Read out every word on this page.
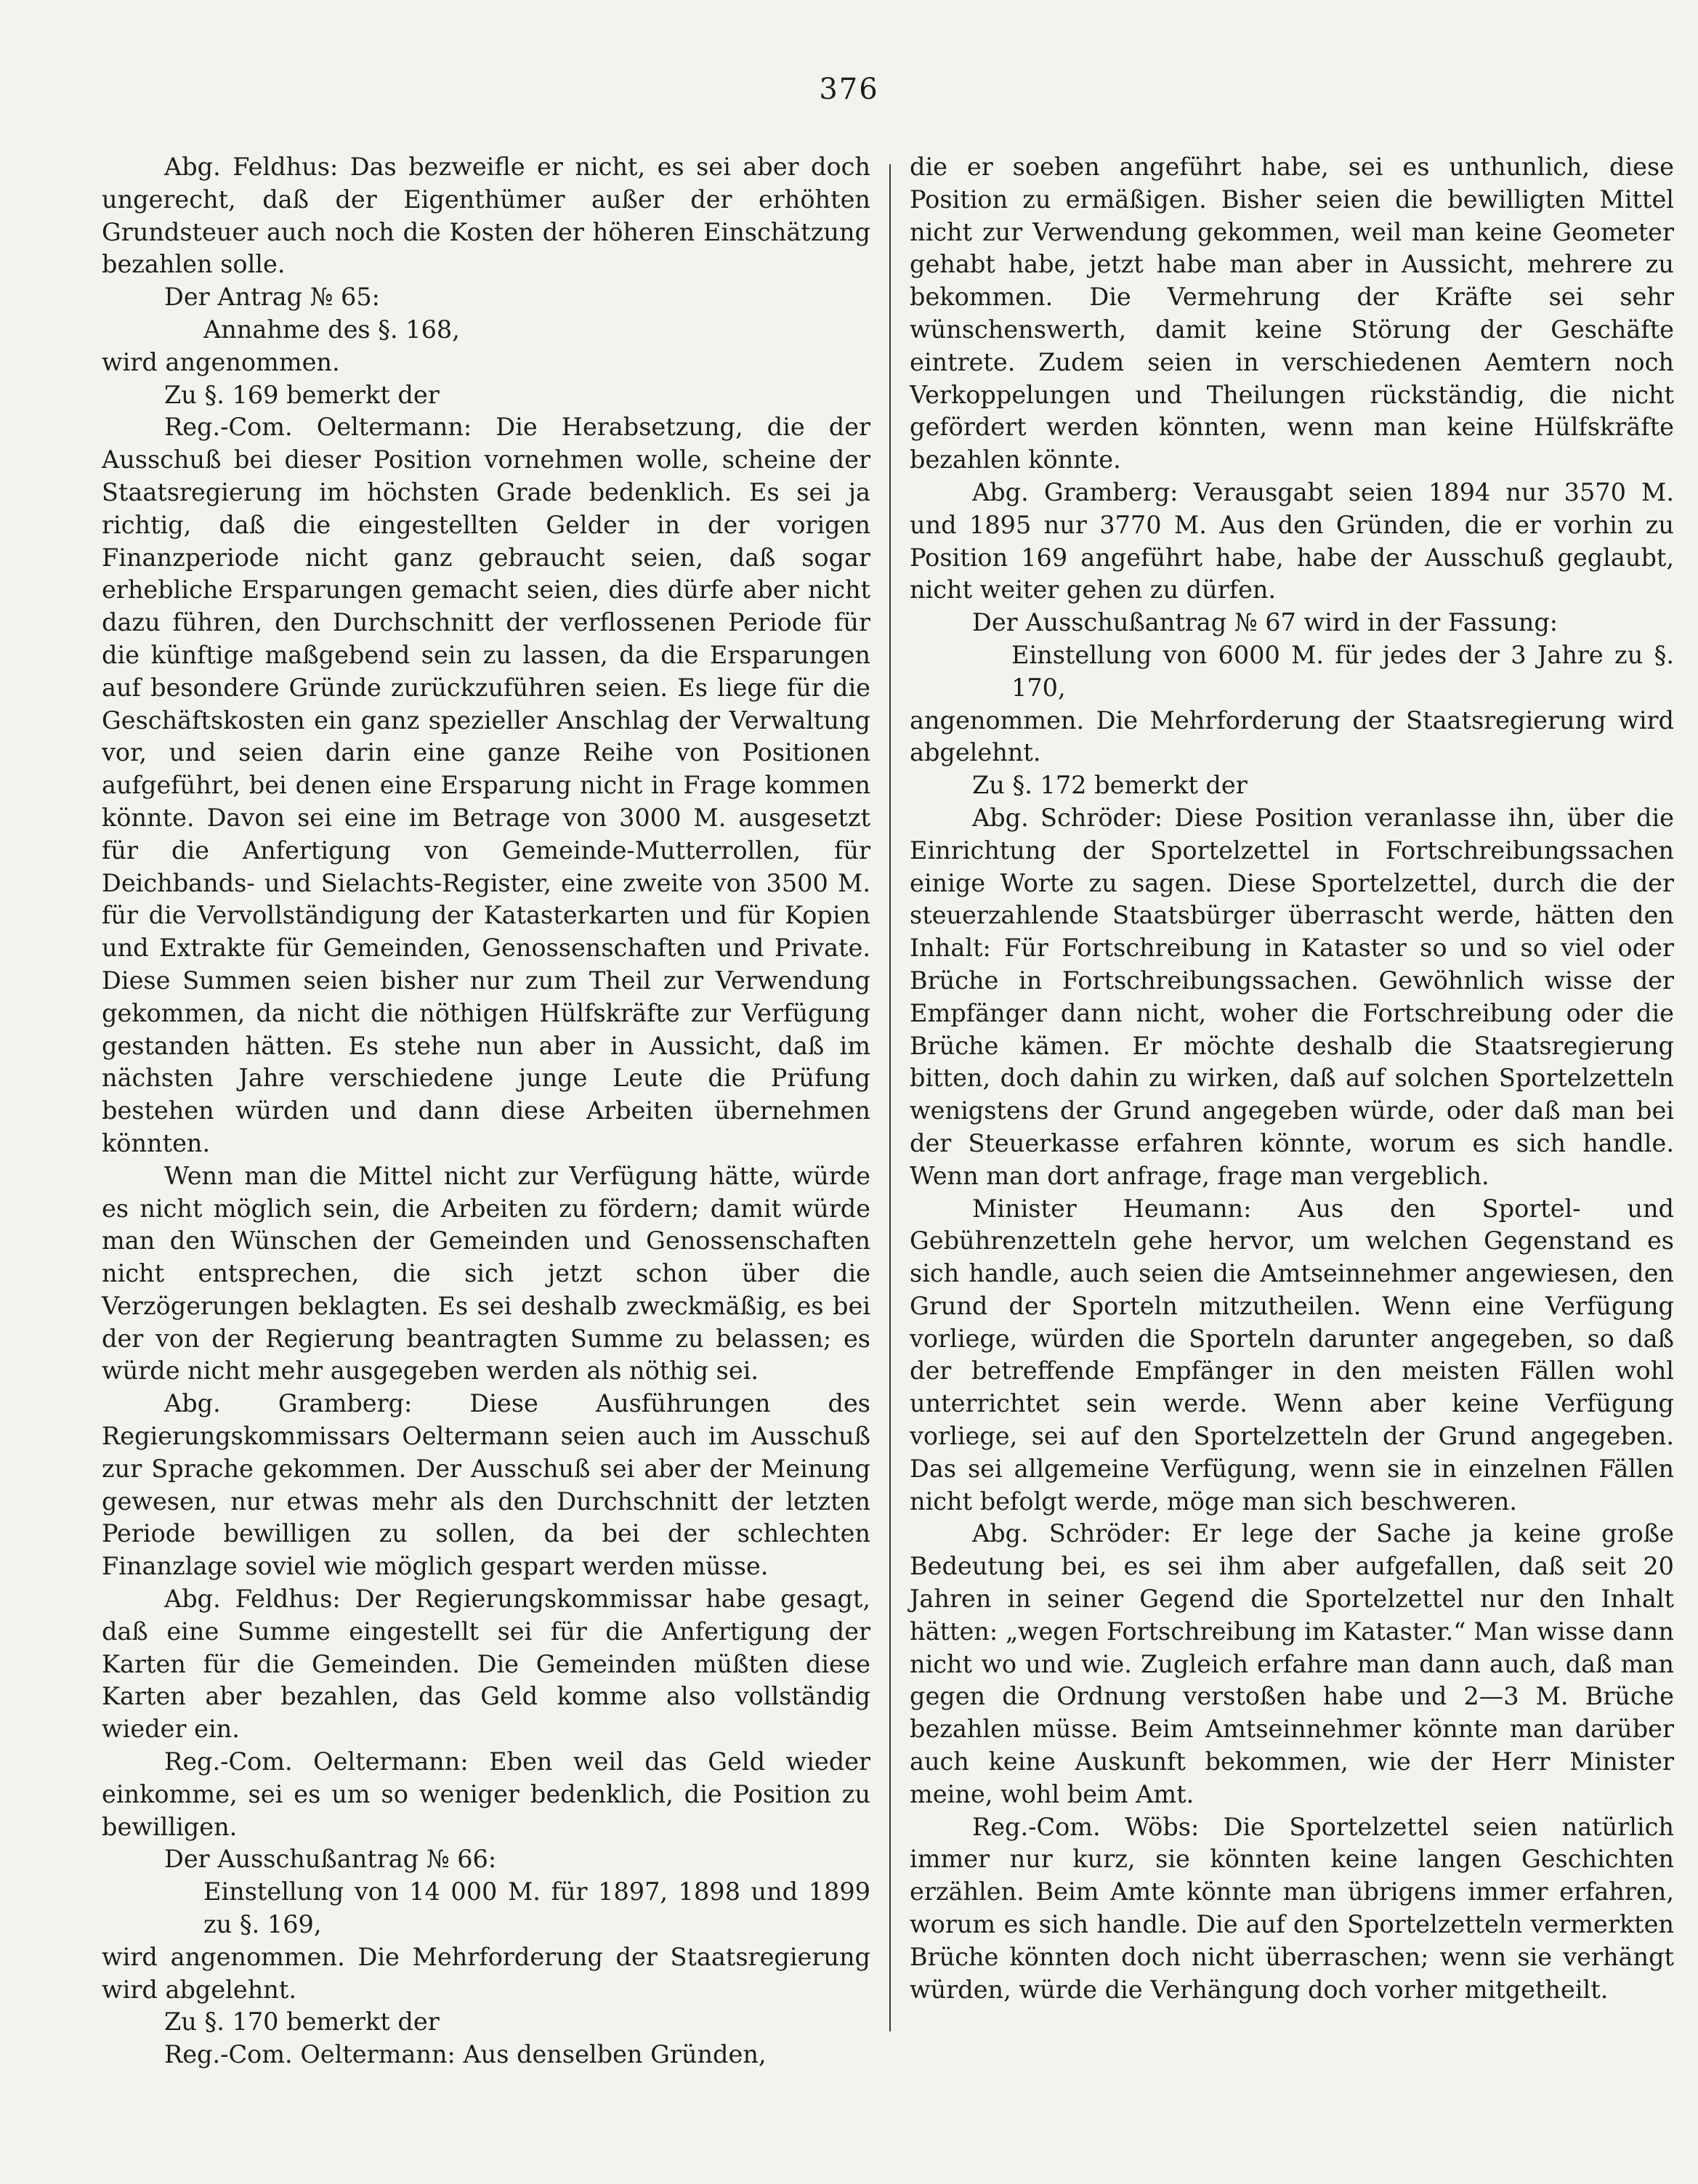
376

Abg. Feldhus: Das bezweifle er nicht, es sei aber doch ungerecht, daß der Eigenthümer außer der erhöhten Grundsteuer auch noch die Kosten der höheren Einschätzung bezahlen solle.

Der Antrag № 65:

Annahme des §. 168,

wird angenommen.

Zu §. 169 bemerkt der

Reg.-Com. Oeltermann: Die Herabsetzung, die der Ausschuß bei dieser Position vornehmen wolle, scheine der Staatsregierung im höchsten Grade bedenklich. Es sei ja richtig, daß die eingestellten Gelder in der vorigen Finanzperiode nicht ganz gebraucht seien, daß sogar erhebliche Ersparungen gemacht seien, dies dürfe aber nicht dazu führen, den Durchschnitt der verflossenen Periode für die künftige maßgebend sein zu lassen, da die Ersparungen auf besondere Gründe zurückzuführen seien. Es liege für die Geschäftskosten ein ganz spezieller Anschlag der Verwaltung vor, und seien darin eine ganze Reihe von Positionen aufgeführt, bei denen eine Ersparung nicht in Frage kommen könnte. Davon sei eine im Betrage von 3000 M. ausgesetzt für die Anfertigung von Gemeinde-Mutterrollen, für Deichbands- und Sielachts-Register, eine zweite von 3500 M. für die Vervollständigung der Katasterkarten und für Kopien und Extrakte für Gemeinden, Genossenschaften und Private. Diese Summen seien bisher nur zum Theil zur Verwendung gekommen, da nicht die nöthigen Hülfskräfte zur Verfügung gestanden hätten. Es stehe nun aber in Aussicht, daß im nächsten Jahre verschiedene junge Leute die Prüfung bestehen würden und dann diese Arbeiten übernehmen könnten.

Wenn man die Mittel nicht zur Verfügung hätte, würde es nicht möglich sein, die Arbeiten zu fördern; damit würde man den Wünschen der Gemeinden und Genossenschaften nicht entsprechen, die sich jetzt schon über die Verzögerungen beklagten. Es sei deshalb zweckmäßig, es bei der von der Regierung beantragten Summe zu belassen; es würde nicht mehr ausgegeben werden als nöthig sei.

Abg. Gramberg: Diese Ausführungen des Regierungskommissars Oeltermann seien auch im Ausschuß zur Sprache gekommen. Der Ausschuß sei aber der Meinung gewesen, nur etwas mehr als den Durchschnitt der letzten Periode bewilligen zu sollen, da bei der schlechten Finanzlage soviel wie möglich gespart werden müsse.

Abg. Feldhus: Der Regierungskommissar habe gesagt, daß eine Summe eingestellt sei für die Anfertigung der Karten für die Gemeinden. Die Gemeinden müßten diese Karten aber bezahlen, das Geld komme also vollständig wieder ein.

Reg.-Com. Oeltermann: Eben weil das Geld wieder einkomme, sei es um so weniger bedenklich, die Position zu bewilligen.

Der Ausschußantrag № 66:

Einstellung von 14 000 M. für 1897, 1898 und 1899 zu §. 169,

wird angenommen. Die Mehrforderung der Staatsregierung wird abgelehnt.

Zu §. 170 bemerkt der

Reg.-Com. Oeltermann: Aus denselben Gründen,

die er soeben angeführt habe, sei es unthunlich, diese Position zu ermäßigen. Bisher seien die bewilligten Mittel nicht zur Verwendung gekommen, weil man keine Geometer gehabt habe, jetzt habe man aber in Aussicht, mehrere zu bekommen. Die Vermehrung der Kräfte sei sehr wünschenswerth, damit keine Störung der Geschäfte eintrete. Zudem seien in verschiedenen Aemtern noch Verkoppelungen und Theilungen rückständig, die nicht gefördert werden könnten, wenn man keine Hülfskräfte bezahlen könnte.

Abg. Gramberg: Verausgabt seien 1894 nur 3570 M. und 1895 nur 3770 M. Aus den Gründen, die er vorhin zu Position 169 angeführt habe, habe der Ausschuß geglaubt, nicht weiter gehen zu dürfen.

Der Ausschußantrag № 67 wird in der Fassung:

Einstellung von 6000 M. für jedes der 3 Jahre zu §. 170,

angenommen. Die Mehrforderung der Staatsregierung wird abgelehnt.

Zu §. 172 bemerkt der

Abg. Schröder: Diese Position veranlasse ihn, über die Einrichtung der Sportelzettel in Fortschreibungssachen einige Worte zu sagen. Diese Sportelzettel, durch die der steuerzahlende Staatsbürger überrascht werde, hätten den Inhalt: Für Fortschreibung in Kataster so und so viel oder Brüche in Fortschreibungssachen. Gewöhnlich wisse der Empfänger dann nicht, woher die Fortschreibung oder die Brüche kämen. Er möchte deshalb die Staatsregierung bitten, doch dahin zu wirken, daß auf solchen Sportelzetteln wenigstens der Grund angegeben würde, oder daß man bei der Steuerkasse erfahren könnte, worum es sich handle. Wenn man dort anfrage, frage man vergeblich.

Minister Heumann: Aus den Sportel- und Gebührenzetteln gehe hervor, um welchen Gegenstand es sich handle, auch seien die Amtseinnehmer angewiesen, den Grund der Sporteln mitzutheilen. Wenn eine Verfügung vorliege, würden die Sporteln darunter angegeben, so daß der betreffende Empfänger in den meisten Fällen wohl unterrichtet sein werde. Wenn aber keine Verfügung vorliege, sei auf den Sportelzetteln der Grund angegeben. Das sei allgemeine Verfügung, wenn sie in einzelnen Fällen nicht befolgt werde, möge man sich beschweren.

Abg. Schröder: Er lege der Sache ja keine große Bedeutung bei, es sei ihm aber aufgefallen, daß seit 20 Jahren in seiner Gegend die Sportelzettel nur den Inhalt hätten: „wegen Fortschreibung im Kataster.“ Man wisse dann nicht wo und wie. Zugleich erfahre man dann auch, daß man gegen die Ordnung verstoßen habe und 2—3 M. Brüche bezahlen müsse. Beim Amtseinnehmer könnte man darüber auch keine Auskunft bekommen, wie der Herr Minister meine, wohl beim Amt.

Reg.-Com. Wöbs: Die Sportelzettel seien natürlich immer nur kurz, sie könnten keine langen Geschichten erzählen. Beim Amte könnte man übrigens immer erfahren, worum es sich handle. Die auf den Sportelzetteln vermerkten Brüche könnten doch nicht überraschen; wenn sie verhängt würden, würde die Verhängung doch vorher mitgetheilt.
